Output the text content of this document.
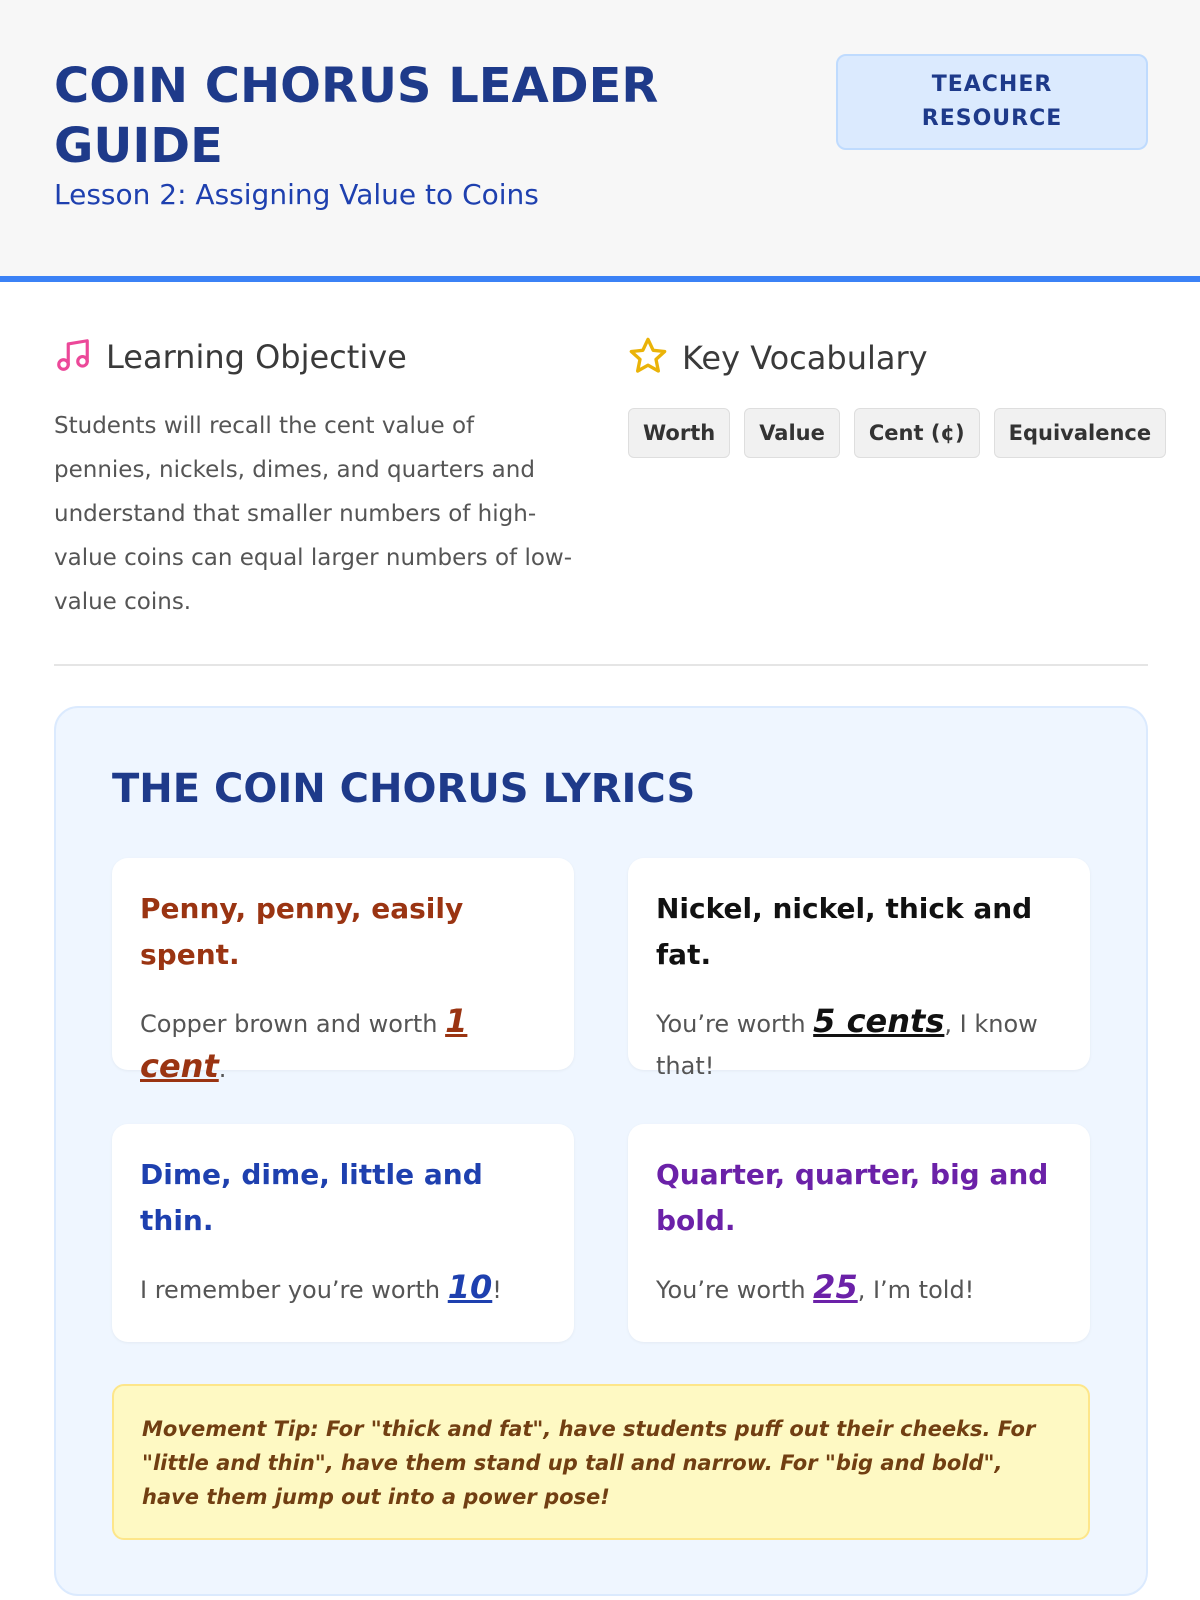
COIN CHORUS LEADER GUIDE
Lesson 2: Assigning Value to Coins
TEACHER RESOURCE
Learning Objective
Students will recall the cent value of pennies, nickels, dimes, and quarters and understand that smaller numbers of high-value coins can equal larger numbers of low-value coins.
Key Vocabulary
Worth	Value	Cent (¢)	Equivalence
THE COIN CHORUS LYRICS
Penny, penny, easily spent.
Copper brown and worth 1 cent.
Nickel, nickel, thick and fat.
You’re worth 5 cents, I know that!
Dime, dime, little and thin.
I remember you’re worth 10!
Quarter, quarter, big and bold.
You’re worth 25, I’m told!
Movement Tip: For "thick and fat", have students puff out their cheeks. For "little and thin", have them stand up tall and narrow. For "big and bold", have them jump out into a power pose!
